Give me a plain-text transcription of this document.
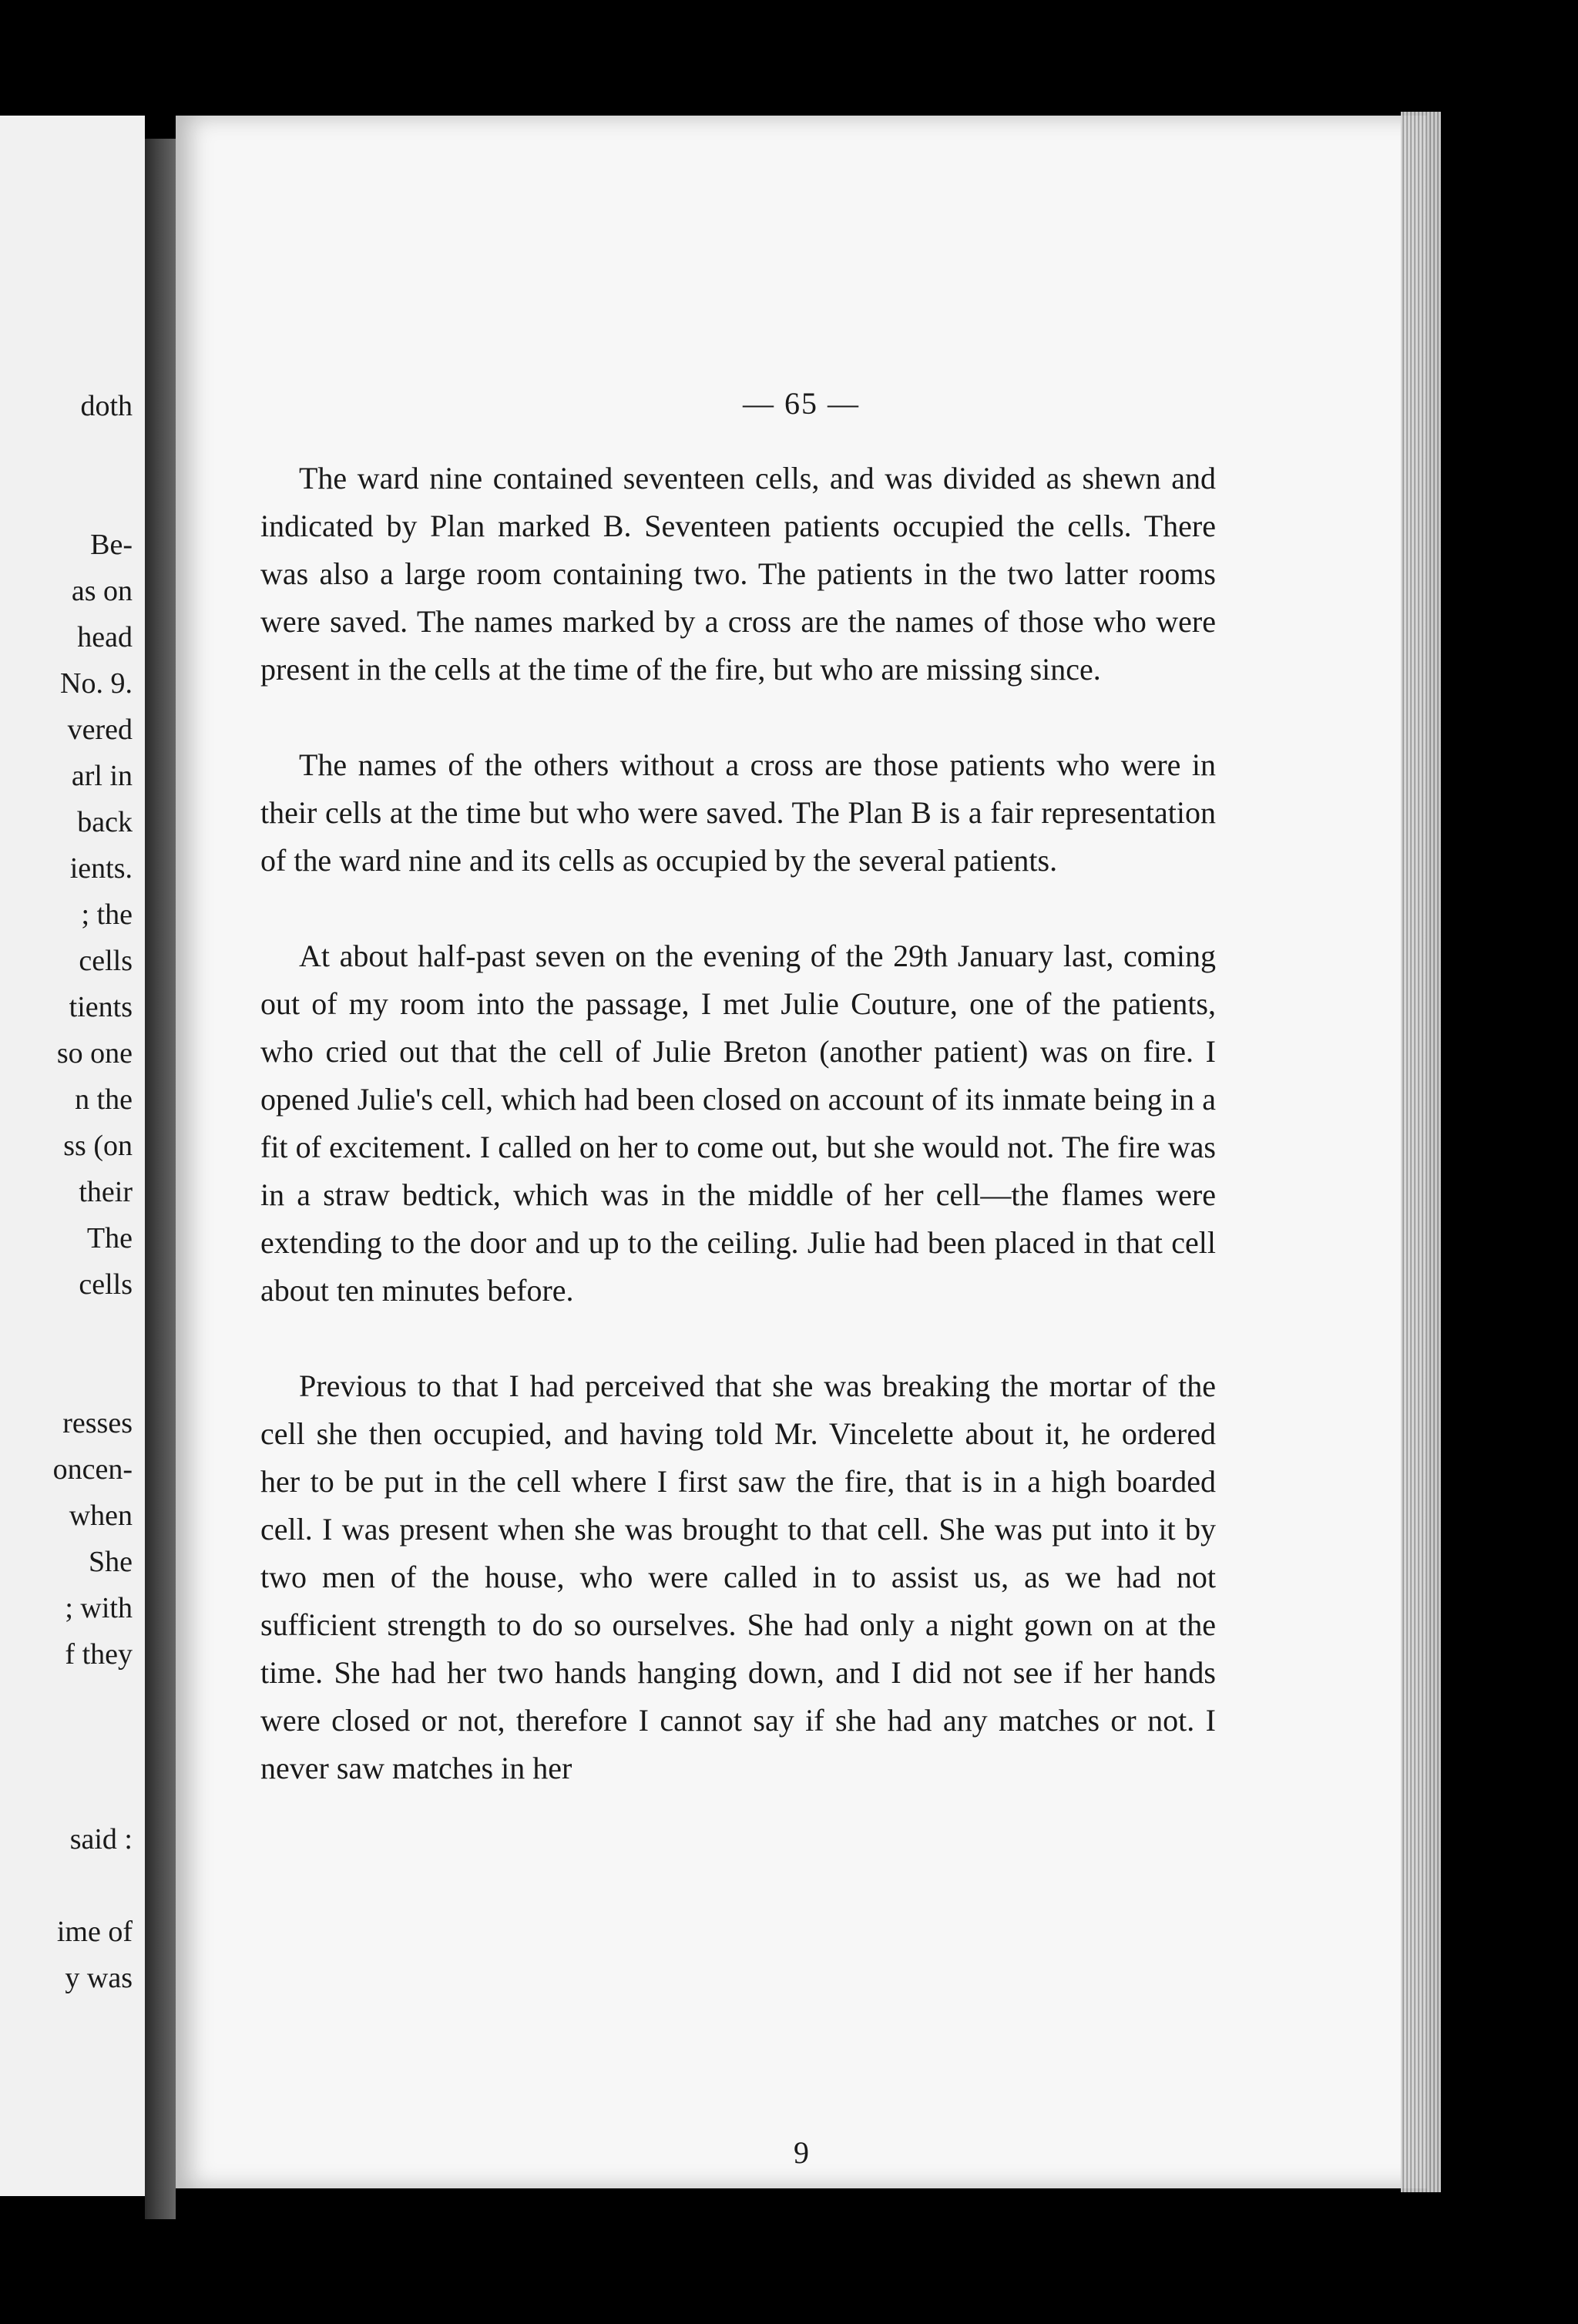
doth
Be-
as on
head
No. 9.
vered
arl in
back
ients.
; the
cells
tients
so one
n the
ss (on
their
The
cells
resses
oncen-
when
She
; with
f they
said :
ime of
y was
— 65 —

The ward nine contained seventeen cells, and was divided as shewn and indicated by Plan marked B. Seventeen patients occupied the cells. There was also a large room containing two. The patients in the two latter rooms were saved. The names marked by a cross are the names of those who were present in the cells at the time of the fire, but who are missing since.

The names of the others without a cross are those patients who were in their cells at the time but who were saved. The Plan B is a fair representation of the ward nine and its cells as occupied by the several patients.

At about half-past seven on the evening of the 29th January last, coming out of my room into the passage, I met Julie Couture, one of the patients, who cried out that the cell of Julie Breton (another patient) was on fire. I opened Julie's cell, which had been closed on account of its inmate being in a fit of excitement. I called on her to come out, but she would not. The fire was in a straw bedtick, which was in the middle of her cell—the flames were extending to the door and up to the ceiling. Julie had been placed in that cell about ten minutes before.

Previous to that I had perceived that she was breaking the mortar of the cell she then occupied, and having told Mr. Vincelette about it, he ordered her to be put in the cell where I first saw the fire, that is in a high boarded cell. I was present when she was brought to that cell. She was put into it by two men of the house, who were called in to assist us, as we had not sufficient strength to do so ourselves. She had only a night gown on at the time. She had her two hands hanging down, and I did not see if her hands were closed or not, therefore I cannot say if she had any matches or not. I never saw matches in her

9
